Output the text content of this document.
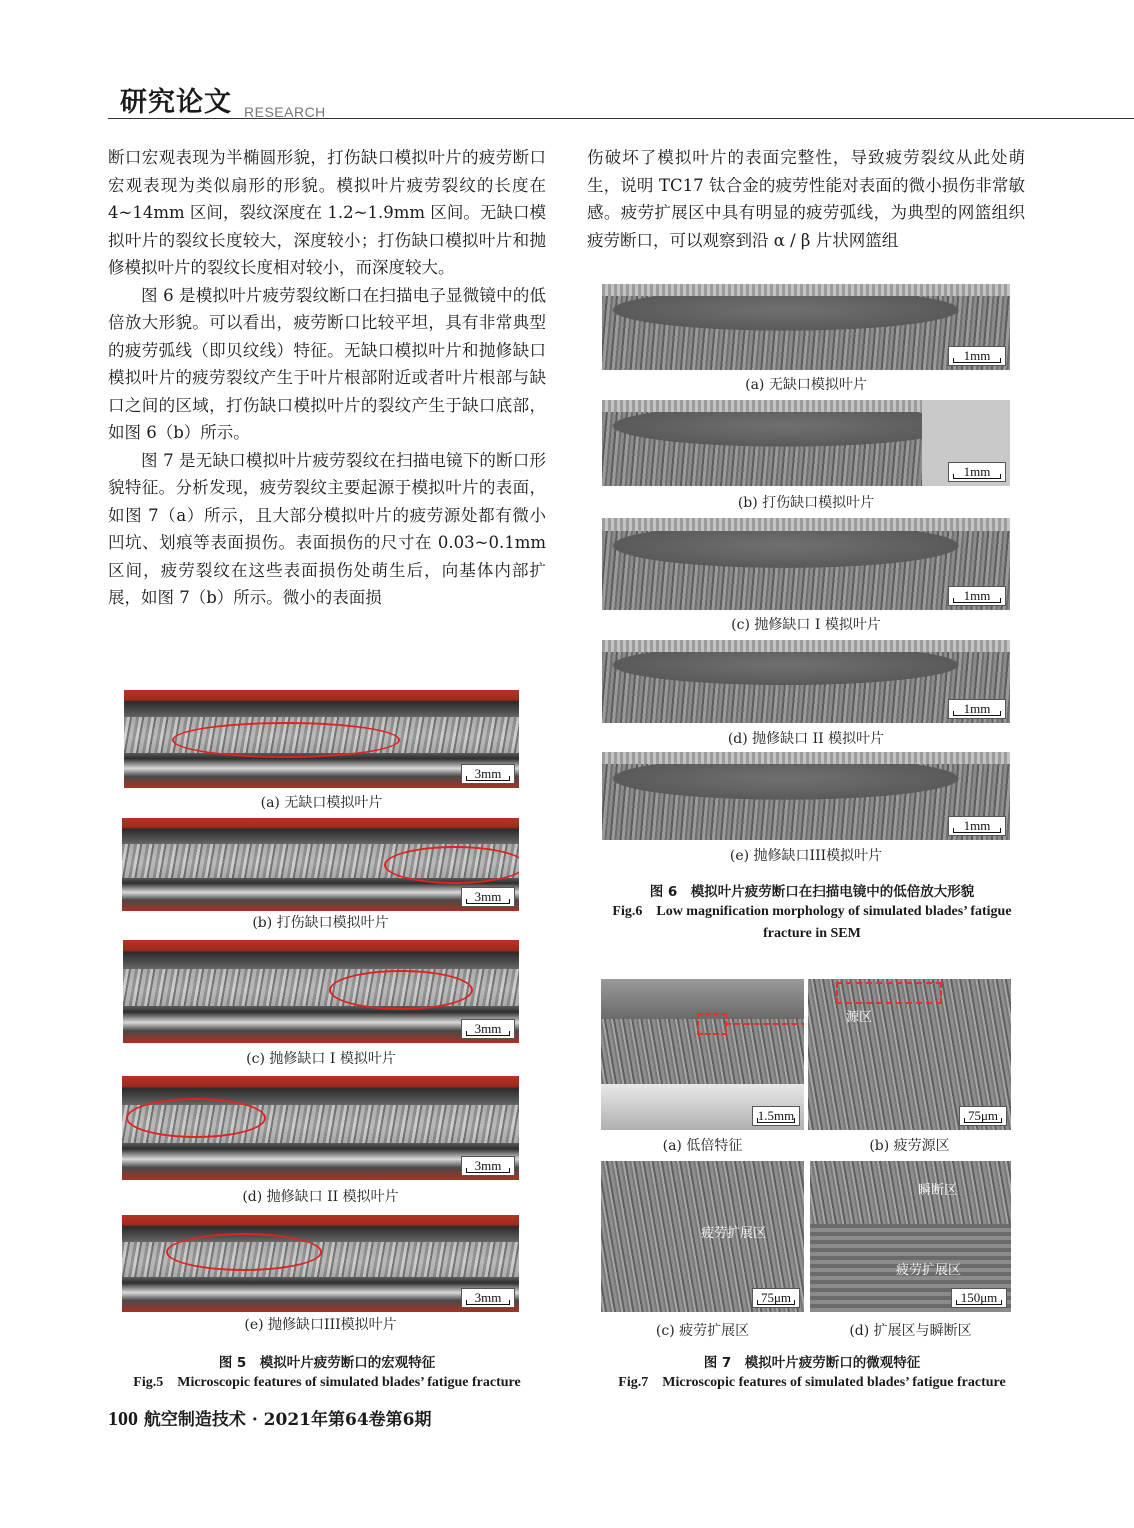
研究论文 RESEARCH

断口宏观表现为半椭圆形貌，打伤缺口模拟叶片的疲劳断口宏观表现为类似扇形的形貌。模拟叶片疲劳裂纹的长度在 4~14mm 区间，裂纹深度在 1.2~1.9mm 区间。无缺口模拟叶片的裂纹长度较大，深度较小；打伤缺口模拟叶片和抛修模拟叶片的裂纹长度相对较小，而深度较大。

图 6 是模拟叶片疲劳裂纹断口在扫描电子显微镜中的低倍放大形貌。可以看出，疲劳断口比较平坦，具有非常典型的疲劳弧线（即贝纹线）特征。无缺口模拟叶片和抛修缺口模拟叶片的疲劳裂纹产生于叶片根部附近或者叶片根部与缺口之间的区域，打伤缺口模拟叶片的裂纹产生于缺口底部，如图 6（b）所示。

图 7 是无缺口模拟叶片疲劳裂纹在扫描电镜下的断口形貌特征。分析发现，疲劳裂纹主要起源于模拟叶片的表面，如图 7（a）所示，且大部分模拟叶片的疲劳源处都有微小凹坑、划痕等表面损伤。表面损伤的尺寸在 0.03~0.1mm 区间，疲劳裂纹在这些表面损伤处萌生后，向基体内部扩展，如图 7（b）所示。微小的表面损

伤破坏了模拟叶片的表面完整性，导致疲劳裂纹从此处萌生，说明 TC17 钛合金的疲劳性能对表面的微小损伤非常敏感。疲劳扩展区中具有明显的疲劳弧线，为典型的网篮组织疲劳断口，可以观察到沿 α / β 片状网篮组

3mm
(a) 无缺口模拟叶片
3mm
(b) 打伤缺口模拟叶片
3mm
(c) 抛修缺口 I 模拟叶片
3mm
(d) 抛修缺口 II 模拟叶片
3mm
(e) 抛修缺口III模拟叶片
图 5　模拟叶片疲劳断口的宏观特征
Fig.5　Microscopic features of simulated blades’ fatigue fracture
1mm
(a) 无缺口模拟叶片
1mm
(b) 打伤缺口模拟叶片
1mm
(c) 抛修缺口 I 模拟叶片
1mm
(d) 抛修缺口 II 模拟叶片
1mm
(e) 抛修缺口III模拟叶片
图 6　模拟叶片疲劳断口在扫描电镜中的低倍放大形貌
Fig.6　Low magnification morphology of simulated blades’ fatigue
fracture in SEM
1.5mm
(a) 低倍特征
源区
75μm
(b) 疲劳源区
疲劳扩展区
75μm
(c) 疲劳扩展区
瞬断区
疲劳扩展区
150μm
(d) 扩展区与瞬断区
图 7　模拟叶片疲劳断口的微观特征
Fig.7　Microscopic features of simulated blades’ fatigue fracture
100 航空制造技术 · 2021年第64卷第6期
